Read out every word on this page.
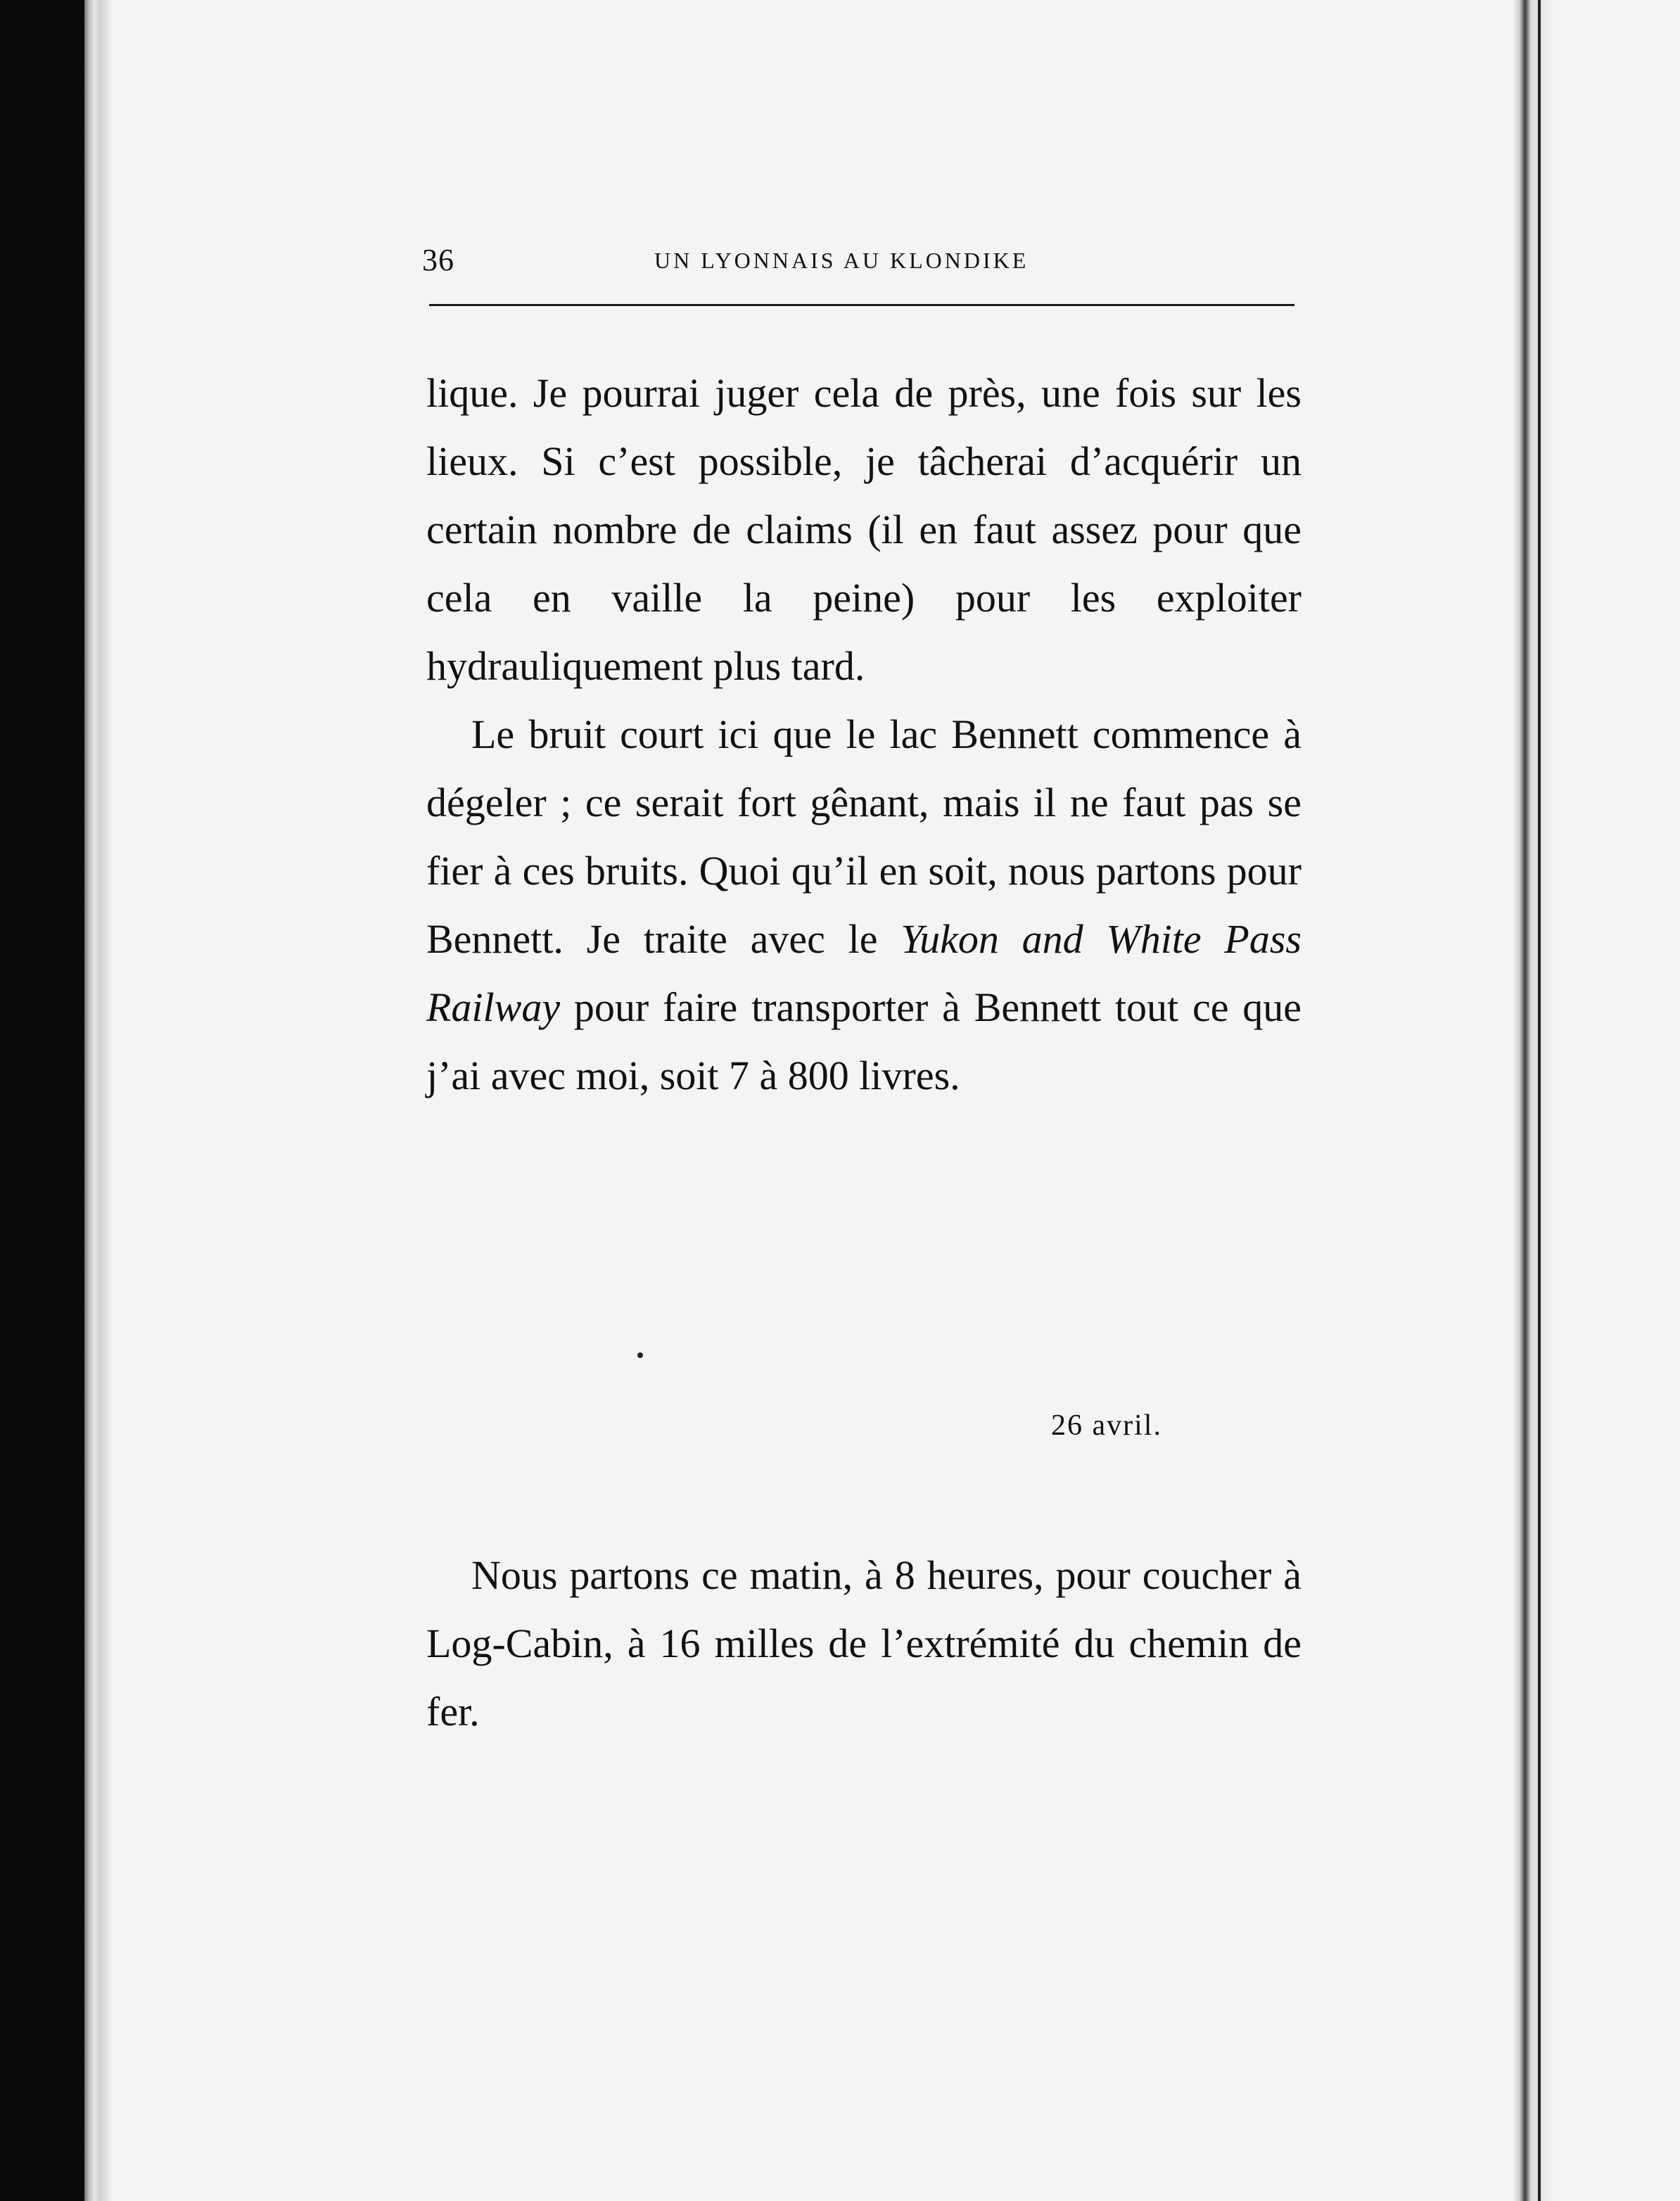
36	UN LYONNAIS AU KLONDIKE

lique. Je pourrai juger cela de près, une fois sur les lieux. Si c’est possible, je tâcherai d’acquérir un certain nombre de claims (il en faut assez pour que cela en vaille la peine) pour les exploiter hydrauliquement plus tard.

Le bruit court ici que le lac Bennett commence à dégeler ; ce serait fort gênant, mais il ne faut pas se fier à ces bruits. Quoi qu’il en soit, nous partons pour Bennett. Je traite avec le Yukon and White Pass Railway pour faire transporter à Bennett tout ce que j’ai avec moi, soit 7 à 800 livres.

26 avril.

Nous partons ce matin, à 8 heures, pour coucher à Log-Cabin, à 16 milles de l’extrémité du chemin de fer.
